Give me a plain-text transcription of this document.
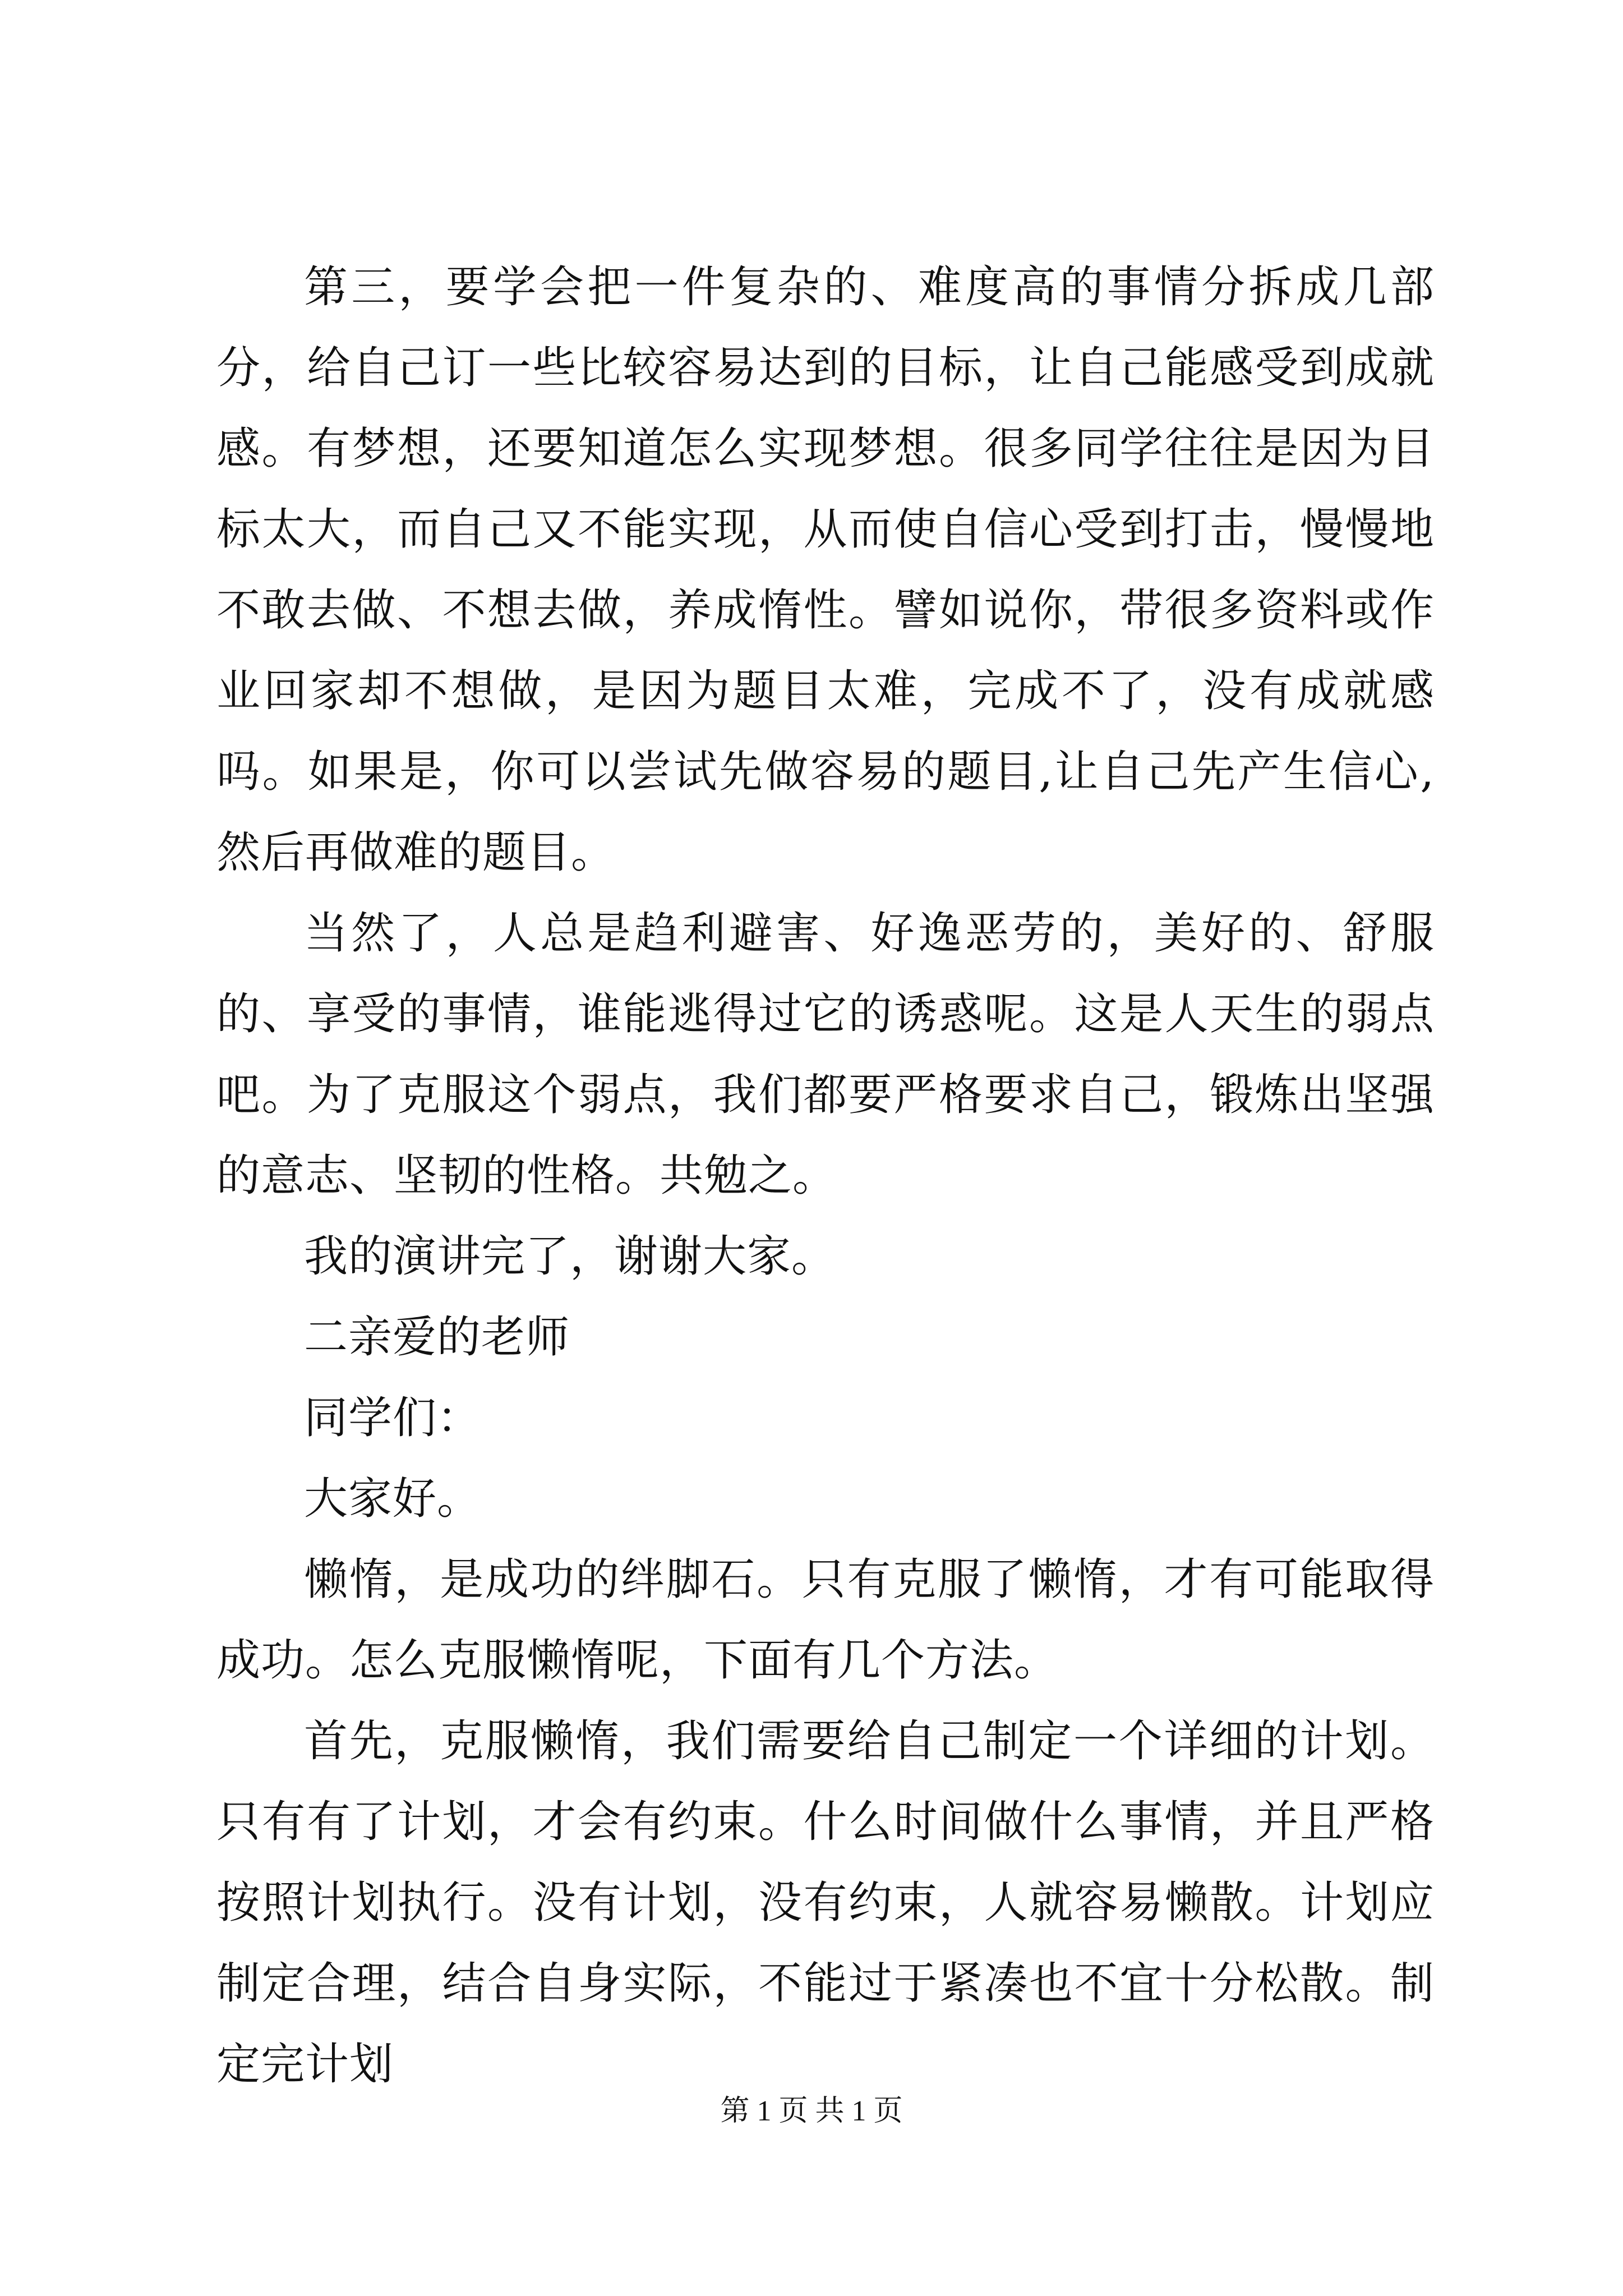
第三，要学会把一件复杂的、难度高的事情分拆成几部分，给自己订一些比较容易达到的目标，让自己能感受到成就感。有梦想，还要知道怎么实现梦想。很多同学往往是因为目标太大，而自己又不能实现，从而使自信心受到打击，慢慢地不敢去做、不想去做，养成惰性。譬如说你，带很多资料或作业回家却不想做，是因为题目太难，完成不了，没有成就感吗。如果是，你可以尝试先做容易的题目,让自己先产生信心,然后再做难的题目。

当然了，人总是趋利避害、好逸恶劳的，美好的、舒服的、享受的事情，谁能逃得过它的诱惑呢。这是人天生的弱点吧。为了克服这个弱点，我们都要严格要求自己，锻炼出坚强的意志、坚韧的性格。共勉之。

我的演讲完了，谢谢大家。

二亲爱的老师

同学们：

大家好。

懒惰，是成功的绊脚石。只有克服了懒惰，才有可能取得成功。怎么克服懒惰呢，下面有几个方法。

首先，克服懒惰，我们需要给自己制定一个详细的计划。只有有了计划，才会有约束。什么时间做什么事情，并且严格按照计划执行。没有计划，没有约束，人就容易懒散。计划应制定合理，结合自身实际，不能过于紧凑也不宜十分松散。制定完计划

第 1 页 共 1 页
